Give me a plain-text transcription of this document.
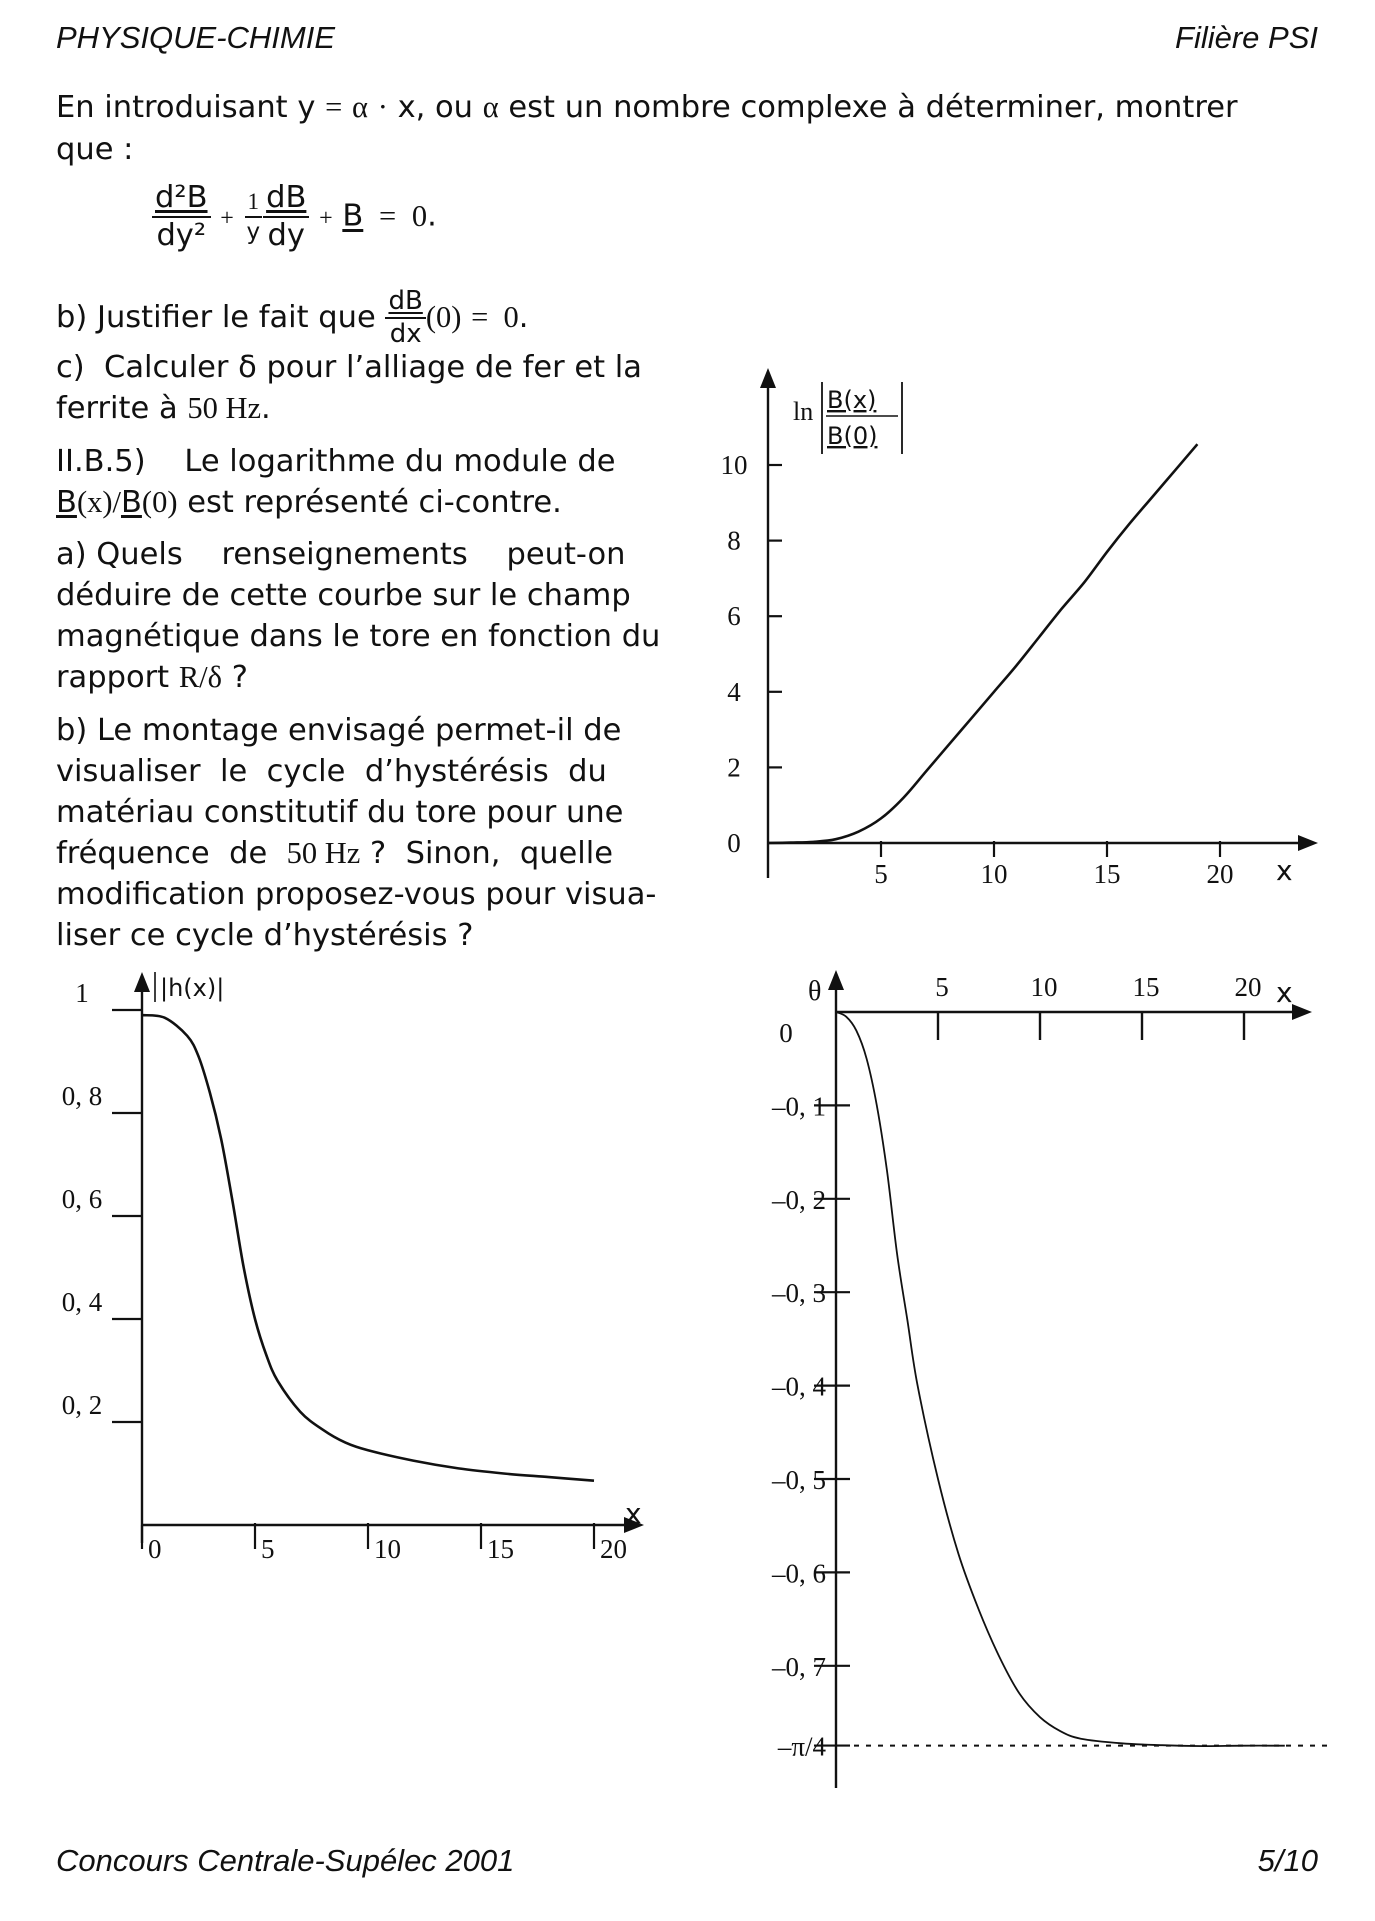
PHYSIQUE-CHIMIE	Filière PSI
En introduisant y = α · x, ou α est un nombre complexe à déterminer, montrer
que :
$\frac{\text{d²B}}{\text{dy²}} + \frac{1}{y} \frac{dB}{dy} + B = 0$.
b) Justifier le fait que $\frac{dB}{dx} (0) = 0$.
c)  Calculer δ pour l’alliage de fer et la
ferrite à 50 Hz.
II.B.5)    Le logarithme du module de
B(x)/B(0) est représenté ci-contre.
a) Quels    renseignements    peut-on
déduire de cette courbe sur le champ
magnétique dans le tore en fonction du
rapport R/δ ?
b) Le montage envisagé permet-il de
visualiser  le  cycle  d’hystérésis  du
matériau constitutif du tore pour une
fréquence  de 50 Hz ?  Sinon,  quelle
modification proposez-vous pour visua-
liser ce cycle d’hystérésis ?
5	10	15	20
0
2
4
6
8
10
ln B(x)
B(0)
x
0	5	10	15	20
0, 2
0, 4
0, 6
0, 8
1	|h(x)|
x
5	10	15	20
0
–0, 1
–0, 2
–0, 3
–0, 4
–0, 5
–0, 6
–0, 7
–π/4
θ	x
Concours Centrale-Supélec 2001	5/10
